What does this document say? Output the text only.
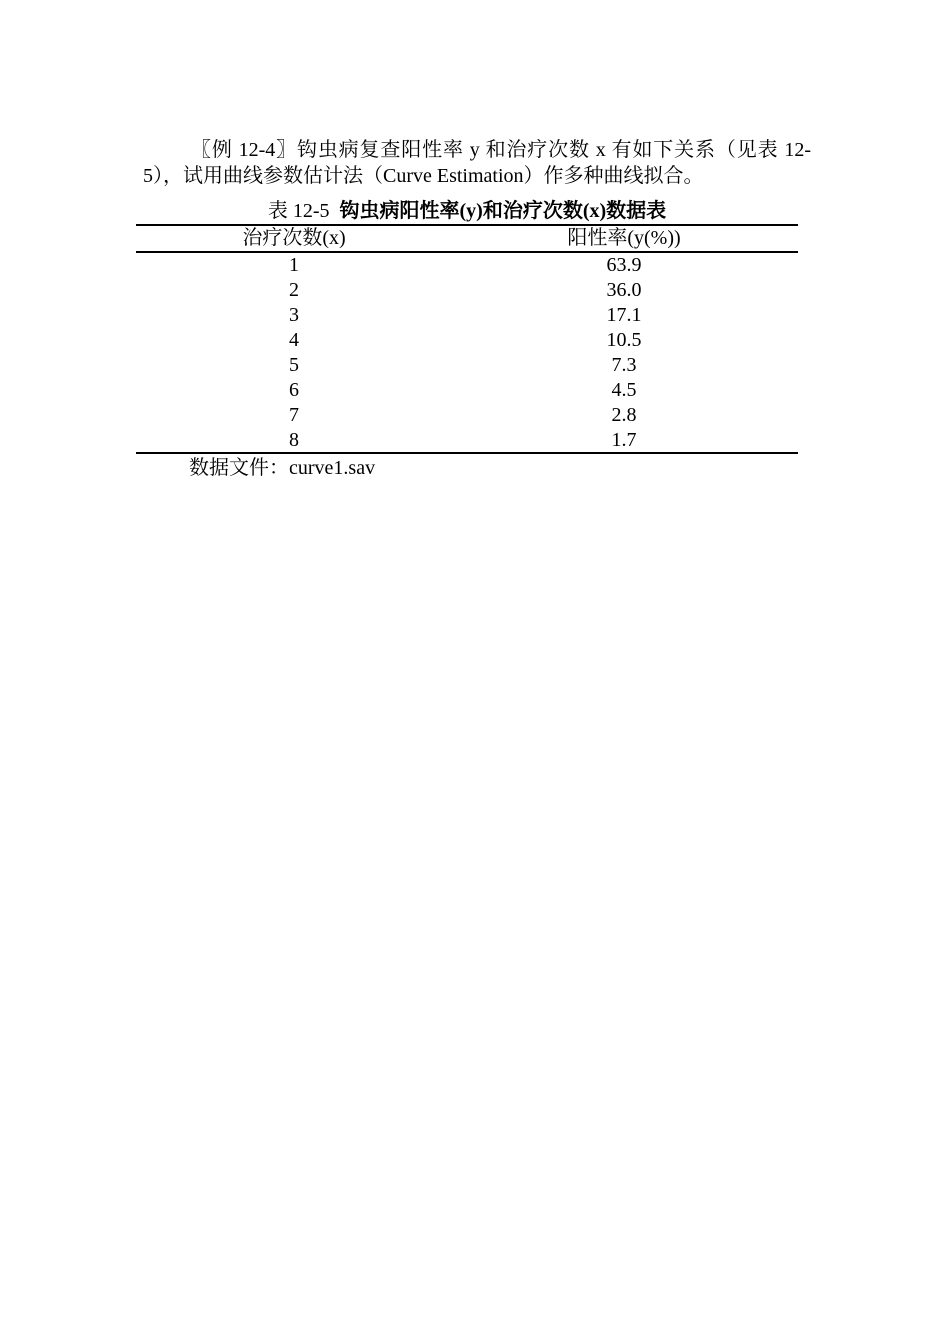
〖例 12-4〗钩虫病复查阳性率 y 和治疗次数 x 有如下关系（见表 12-5），试用曲线参数估计法（Curve Estimation）作多种曲线拟合。
表 12-5 钩虫病阳性率(y)和治疗次数(x)数据表
治疗次数(x)	阳性率(y(%))
1	63.9
2	36.0
3	17.1
4	10.5
5	7.3
6	4.5
7	2.8
8	1.7
数据文件：curve1.sav
